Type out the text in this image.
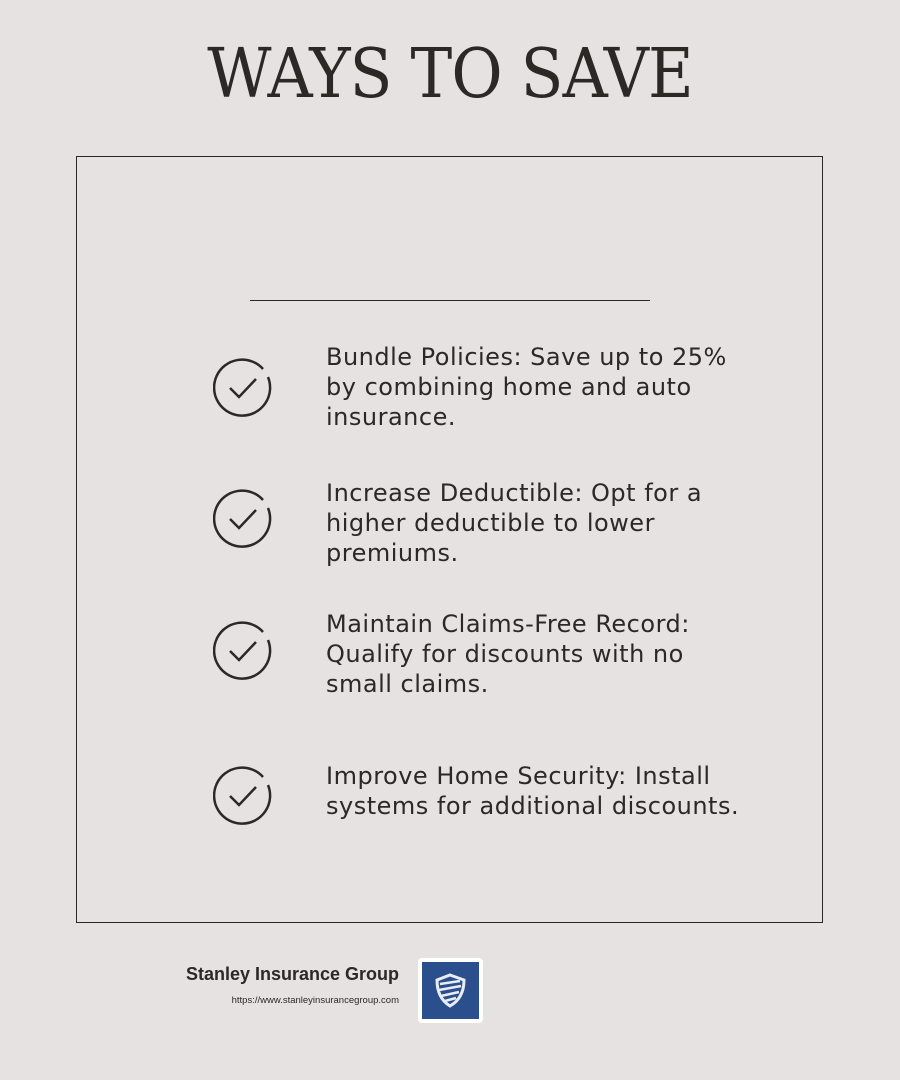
WAYS TO SAVE
Bundle Policies: Save up to 25% by combining home and auto insurance.
Increase Deductible: Opt for a higher deductible to lower premiums.
Maintain Claims-Free Record: Qualify for discounts with no small claims.
Improve Home Security: Install systems for additional discounts.
Stanley Insurance Group
https://www.stanleyinsurancegroup.com
